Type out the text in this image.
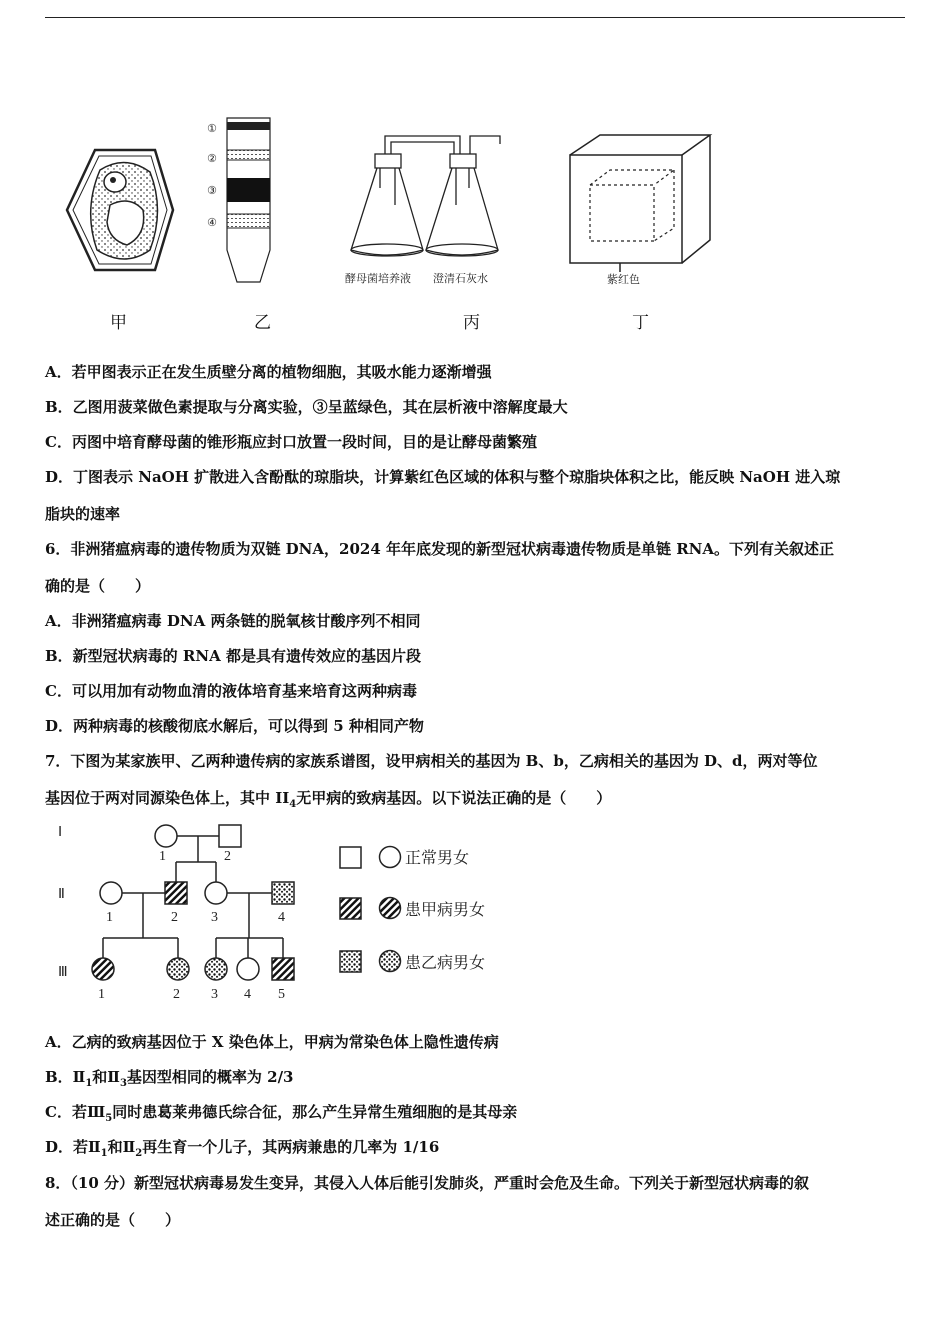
①
②
③
④
酵母菌培养液 澄清石灰水	紫红色
甲	乙	丙	丁
A．若甲图表示正在发生质壁分离的植物细胞，其吸水能力逐渐增强
B．乙图用菠菜做色素提取与分离实验，③呈蓝绿色，其在层析液中溶解度最大
C．丙图中培育酵母菌的锥形瓶应封口放置一段时间，目的是让酵母菌繁殖
D．丁图表示 NaOH 扩散进入含酚酞的琼脂块，计算紫红色区域的体积与整个琼脂块体积之比，能反映 NaOH 进入琼
脂块的速率
6．非洲猪瘟病毒的遗传物质为双链 DNA，2024 年年底发现的新型冠状病毒遗传物质是单链 RNA。下列有关叙述正
确的是（　　）
A．非洲猪瘟病毒 DNA 两条链的脱氧核甘酸序列不相同
B．新型冠状病毒的 RNA 都是具有遗传效应的基因片段
C．可以用加有动物血清的液体培育基来培育这两种病毒
D．两种病毒的核酸彻底水解后，可以得到 5 种相同产物
7．下图为某家族甲、乙两种遗传病的家族系谱图，设甲病相关的基因为 B、b，乙病相关的基因为 D、d，两对等位
基因位于两对同源染色体上，其中 $II_4$无甲病的致病基因。以下说法正确的是（　　）
Ⅰ
Ⅱ
Ⅲ
1	2
1	2 3	4
1	2 3 4 5
正常男女
患甲病男女
患乙病男女
A．乙病的致病基因位于 X 染色体上，甲病为常染色体上隐性遗传病
B．$Ⅱ_1$和$Ⅱ_3$基因型相同的概率为 2/3
C．若$Ⅲ_5$同时患葛莱弗德氏综合征，那么产生异常生殖细胞的是其母亲
D．若$Ⅱ_1$和$Ⅱ_2$再生育一个儿子，其两病兼患的几率为 1/16
8．（10 分）新型冠状病毒易发生变异，其侵入人体后能引发肺炎，严重时会危及生命。下列关于新型冠状病毒的叙
述正确的是（　　）
